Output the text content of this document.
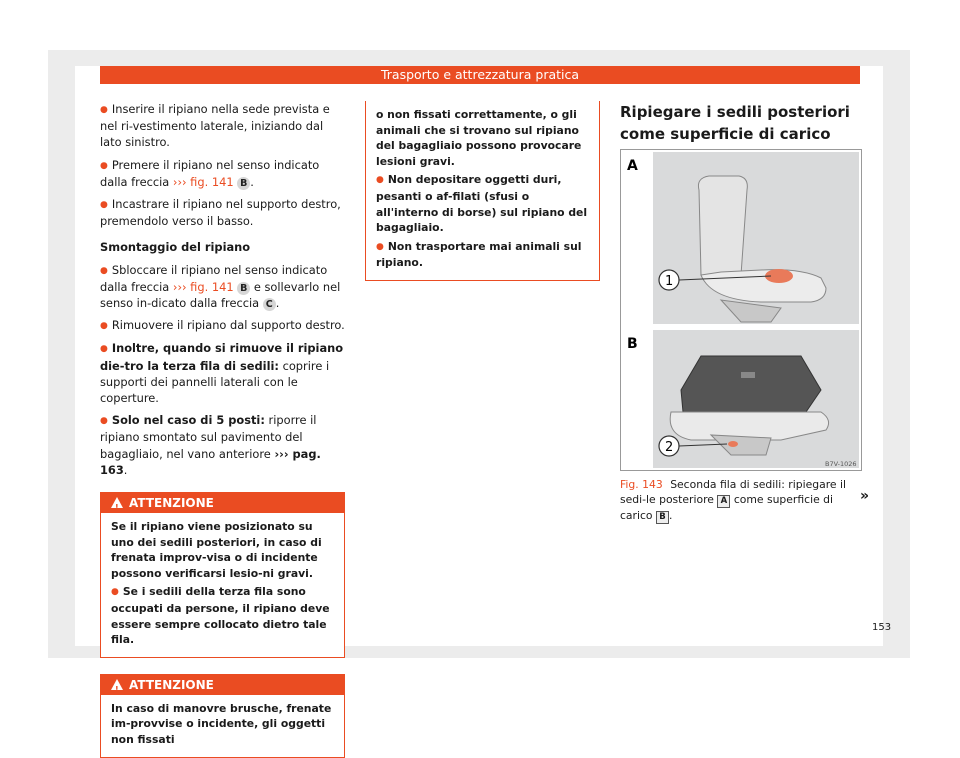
Trasporto e attrezzatura pratica

● Inserire il ripiano nella sede prevista e nel ri-vestimento laterale, iniziando dal lato sinistro.

● Premere il ripiano nel senso indicato dalla freccia ››› fig. 141 B .

● Incastrare il ripiano nel supporto destro, premendolo verso il basso.

Smontaggio del ripiano

● Sbloccare il ripiano nel senso indicato dalla freccia ››› fig. 141 B e sollevarlo nel senso in-dicato dalla freccia C .

● Rimuovere il ripiano dal supporto destro.

● Inoltre, quando si rimuove il ripiano die-tro la terza fila di sedili: coprire i supporti dei pannelli laterali con le coperture.

● Solo nel caso di 5 posti: riporre il ripiano smontato sul pavimento del bagagliaio, nel vano anteriore ››› pag. 163.

!ATTENZIONE

Se il ripiano viene posizionato su uno dei sedili posteriori, in caso di frenata improv-visa o di incidente possono verificarsi lesio-ni gravi.

● Se i sedili della terza fila sono occupati da persone, il ripiano deve essere sempre collocato dietro tale fila.

!ATTENZIONE

In caso di manovre brusche, frenate im-provvise o incidente, gli oggetti non fissati

o non fissati correttamente, o gli animali che si trovano sul ripiano del bagagliaio possono provocare lesioni gravi.

● Non depositare oggetti duri, pesanti o af-filati (sfusi o all'interno di borse) sul ripiano del bagagliaio.

● Non trasportare mai animali sul ripiano.

Ripiegare i sedili posteriori come superficie di carico
A
1
B
2
B7V-1026
Fig. 143 Seconda fila di sedili: ripiegare il sedi-le posteriore A come superficie di carico B .
»
153
